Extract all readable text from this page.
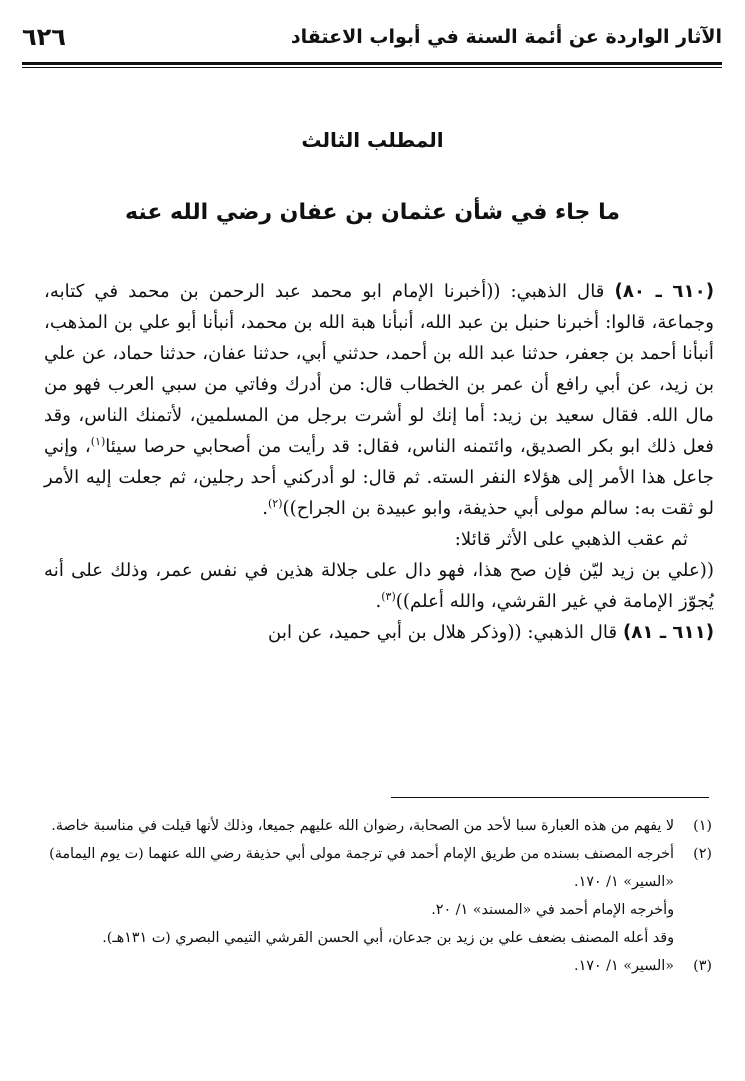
الآثار الواردة عن أئمة السنة في أبواب الاعتقاد
٦٢٦
المطلب الثالث
ما جاء في شأن عثمان بن عفان رضي الله عنه

(٦١٠ ـ ٨٠) قال الذهبي: ((أخبرنا الإمام ابو محمد عبد الرحمن بن محمد في كتابه، وجماعة، قالوا: أخبرنا حنبل بن عبد الله، أنبأنا هبة الله بن محمد، أنبأنا أبو علي بن المذهب، أنبأنا أحمد بن جعفر، حدثنا عبد الله بن أحمد، حدثني أبي، حدثنا عفان، حدثنا حماد، عن علي بن زيد، عن أبي رافع أن عمر بن الخطاب قال: من أدرك وفاتي من سبي العرب فهو من مال الله. فقال سعيد بن زيد: أما إنك لو أشرت برجل من المسلمين، لأتمنك الناس، وقد فعل ذلك ابو بكر الصديق، وائتمنه الناس، فقال: قد رأيت من أصحابي حرصا سيئا$^{(١)}$، وإني جاعل هذا الأمر إلى هؤلاء النفر السته. ثم قال: لو أدركني أحد رجلين، ثم جعلت إليه الأمر لو ثقت به: سالم مولى أبي حذيفة، وابو عبيدة بن الجراح))$^{(٢)}$.

ثم عقب الذهبي على الأثر قائلا:

((علي بن زيد ليّن فإن صح هذا، فهو دال على جلالة هذين في نفس عمر، وذلك على أنه يُجوّز الإمامة في غير القرشي، والله أعلم))$^{(٣)}$.

(٦١١ ـ ٨١) قال الذهبي: ((وذكر هلال بن أبي حميد، عن ابن

(١)
لا يفهم من هذه العبارة سبا لأحد من الصحابة، رضوان الله عليهم جميعا، وذلك لأنها قيلت في مناسبة خاصة.
(٢)
أخرجه المصنف بسنده من طريق الإمام أحمد في ترجمة مولى أبي حذيفة رضي الله عنهما (ت يوم اليمامة) «السير» ١/ ١٧٠.
وأخرجه الإمام أحمد في «المسند» ١/ ٢٠.
وقد أعله المصنف بضعف علي بن زيد بن جدعان، أبي الحسن القرشي التيمي البصري (ت ١٣١هـ).
(٣)
«السير» ١/ ١٧٠.
